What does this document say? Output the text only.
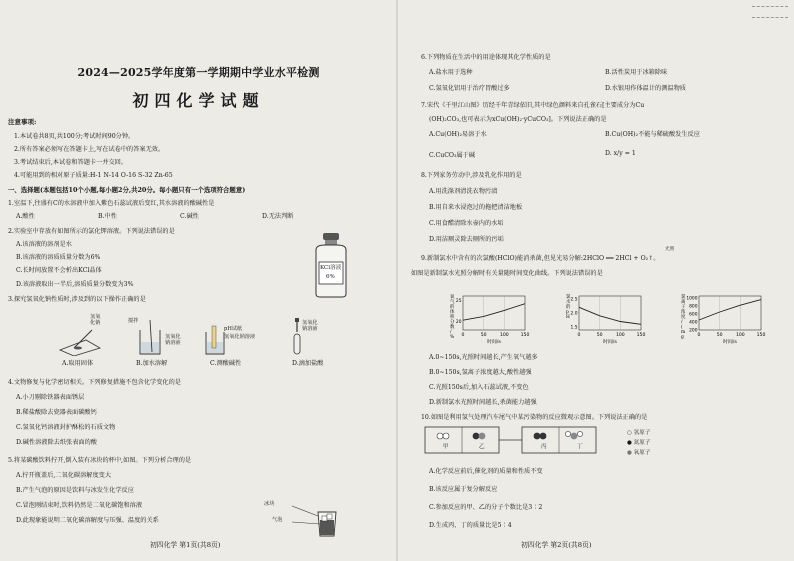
2024—2025学年度第一学期期中学业水平检测
初四化学试题
注意事项:
1.本试卷共8页,共100分;考试时间90分钟。
2.所有答案必须写在答题卡上,写在试卷中的答案无效。
3.考试结束后,本试卷和答题卡一并交回。
4.可能用到的相对原子质量:H-1 N-14 O-16 S-32 Zn-65
一、选择题(本题包括10个小题,每小题2分,共20分。每小题只有一个选项符合题意)
1.室温下,往盛有C的水溶液中加入紫色石蕊试液后变红,其水溶液的酸碱性是
A.酸性	B.中性	C.碱性	D.无法判断
2.实验室中存放有如图所示的氯化钾溶液。下列说法错误的是
A.该溶液的溶剂是水
B.该溶液的溶质质量分数为6%
C.长时间放置不会析出KCl晶体
D.该溶液取出一半后,溶质质量分数变为3%
KCl溶液
6%
3.探究氢氧化钠性质时,涉及到的以下操作正确的是
氢氧
化钠	搅拌
氢氧化
钠溶液
pH试纸
氢氧化钠溶液
氢氧化
钠溶液
A.取用固体	B.加水溶解	C.测酸碱性	D.滴加盐酸
4.文物修复与化学密切相关。下列修复措施不包含化学变化的是
A.小刀剔除铁器表面锈层
B.稀盐酸除去瓷器表面碳酸钙
C.氢氧化钙溶液封护酥松的石质文物
D.碱性溶液除去纸张表面的酸
5.将某碳酸饮料拧开,倒入装有冰块的杯中,如图。下列分析合理的是
A.拧开瓶盖后,二氧化碳溶解度变大
B.产生气泡的原因是饮料与冰发生化学反应
C.冒泡刚结束时,饮料仍然是二氧化碳饱和溶液
D.此现象能说明二氧化碳溶解度与压强、温度的关系
冰块
气泡
初四化学 第1页(共8页)
6.下列物质在生活中的用途体现其化学性质的是
A.盐水用于选种	B.活性炭用于冰箱除味
C.氢氧化铝用于治疗胃酸过多	D.水银用作体温计的测温物质
7.宋代《千里江山图》历经千年青绿依旧,其中绿色颜料来自孔雀石[主要成分为Cu
(OH)₂CO₃,也可表示为xCu(OH)₂·yCuCO₃]。下列说法正确的是
A.Cu(OH)₂易溶于水	B.Cu(OH)₂不能与稀硫酸发生反应
C.CuCO₃属于碱	D. x/y = 1
8.下列家务劳动中,涉及乳化作用的是
A.用洗涤剂清洗衣物污渍
B.用自来水浸泡过的拖把清洁地板
C.用食醋清除水壶内的水垢
D.用洁厕灵除去厕所的污垢
9.新制氯水中含有的次氯酸(HClO)能消杀菌,但见光易分解:2HClO ══ 2HCl + O₂↑。
光照
如图是新制氯水光照分解时有关量随时间变化曲线。下列说法错误的是
0	50	100	150
25
20
时间/s
氧气的体积分数/ %	0	50	100	150
2.5
2.0
1.5
时间/s
氯水的 p H
0	50	100	150
1000
800
600
400
200
时间/s
氯离子浓度/ ( m g
A.0~150s,光照时间越长,产生氧气越多
B.0~150s,氢离子浓度越大,酸性越强
C.光照150s后,加入石蕊试液,不变色
D.新制氯水光照时间越长,杀菌能力越强
10.如图是利用氢气处理汽车尾气中某污染物的反应微观示意图。下列说法正确的是
甲	乙	丙	丁
○ 氢原子
● 氮原子
● 氧原子
A.化学反应前后,催化剂的质量和性质不变
B.该反应属于复分解反应
C.参加反应的甲、乙的分子个数比是3∶2
D.生成丙、丁的质量比是5∶4
初四化学 第2页(共8页)
